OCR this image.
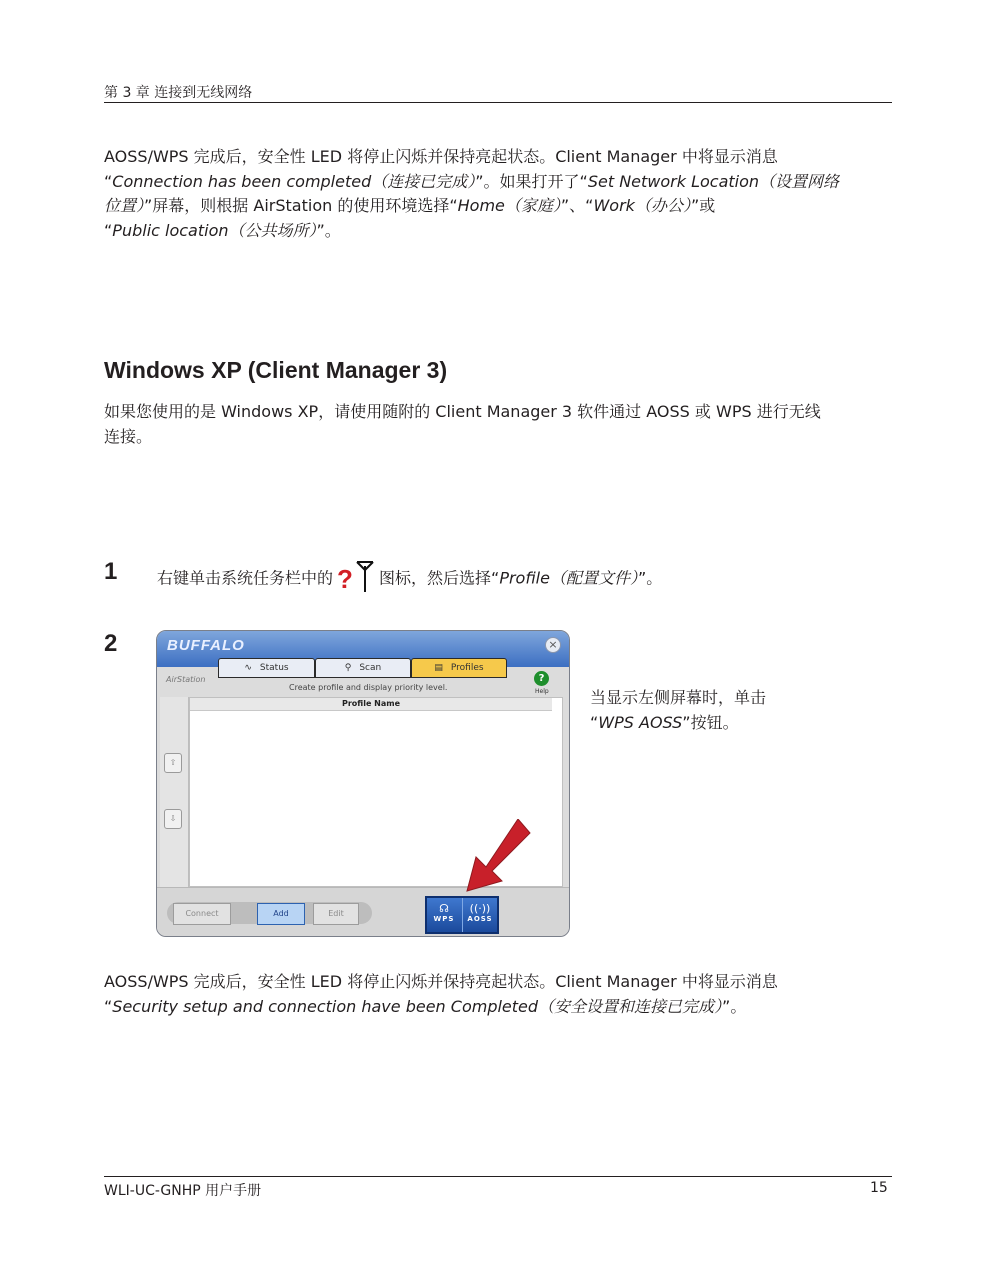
第 3 章 连接到无线网络
AOSS/WPS 完成后，安全性 LED 将停止闪烁并保持亮起状态。Client Manager 中将显示消息
“Connection has been completed（连接已完成）”。如果打开了“Set Network Location（设置网络
位置）”屏幕，则根据 AirStation 的使用环境选择“Home（家庭）”、“Work（办公）”或
“Public location（公共场所）”。
Windows XP (Client Manager 3)
如果您使用的是 Windows XP，请使用随附的 Client Manager 3 软件通过 AOSS 或 WPS 进行无线
连接。
1 右键单击系统任务栏中的 ? 图标，然后选择“Profile（配置文件）”。
2	BUFFALO	×
∿ Status	⚲ Scan	▤ Profiles
AirStation
Create profile and display priority level.
?
Help
⇧
⇩
Profile Name
Connect	Add	Edit	☊
WPS
((·))
AOSS
当显示左侧屏幕时，单击
“WPS AOSS”按钮。
AOSS/WPS 完成后，安全性 LED 将停止闪烁并保持亮起状态。Client Manager 中将显示消息
“Security setup and connection have been Completed（安全设置和连接已完成）”。
WLI-UC-GNHP 用户手册	15
